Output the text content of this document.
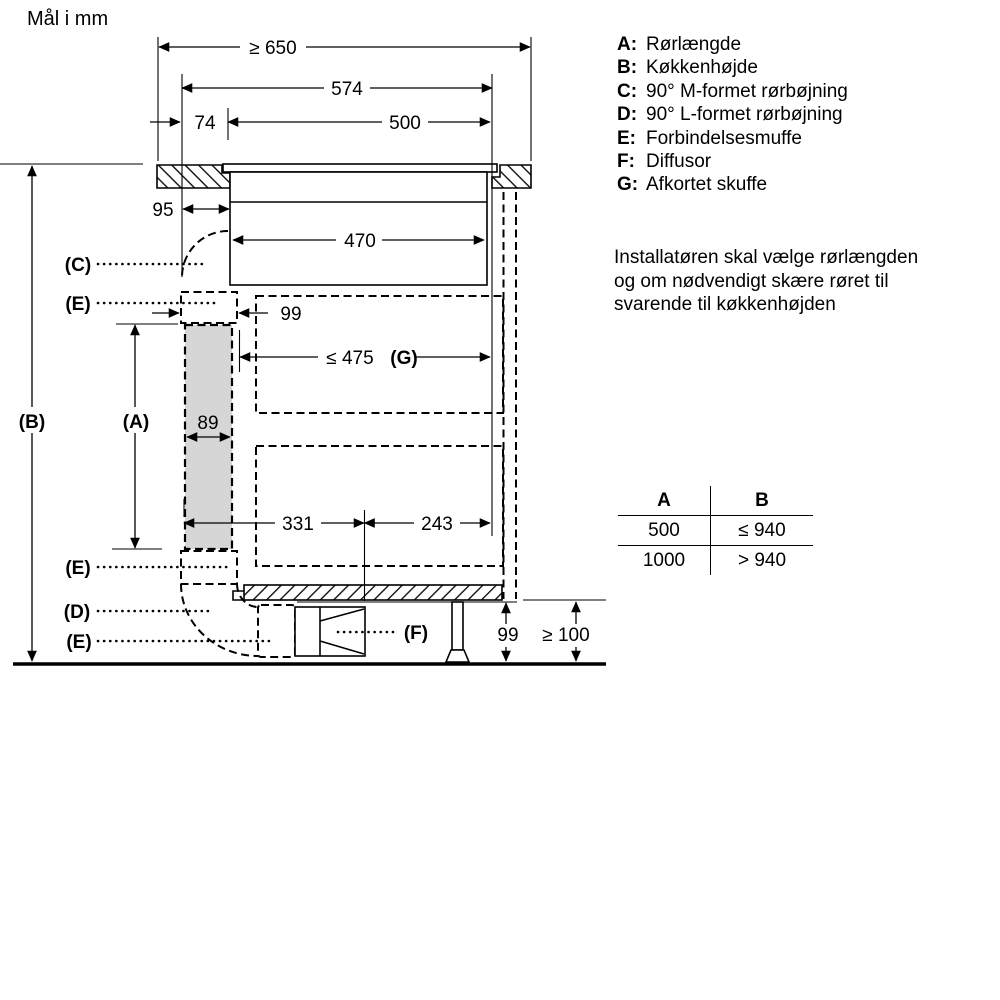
Mål i mm
A: Rørlængde
B: Køkkenhøjde
C: 90° M-formet rørbøjning
D: 90° L-formet rørbøjning
E: Forbindelsesmuffe
F: Diffusor
G: Afkortet skuffe
Installatøren skal vælge rørlængden
og om nødvendigt skære røret til
svarende til køkkenhøjden
A	B
500	≤ 940
1000	> 940
≥ 650
574
74	500
95
470
99
≤ 475 (G)
89
331	243
99 ≥ 100
(C)
(E)
(B)	(A)
(E)
(D)
(E)	(F)
